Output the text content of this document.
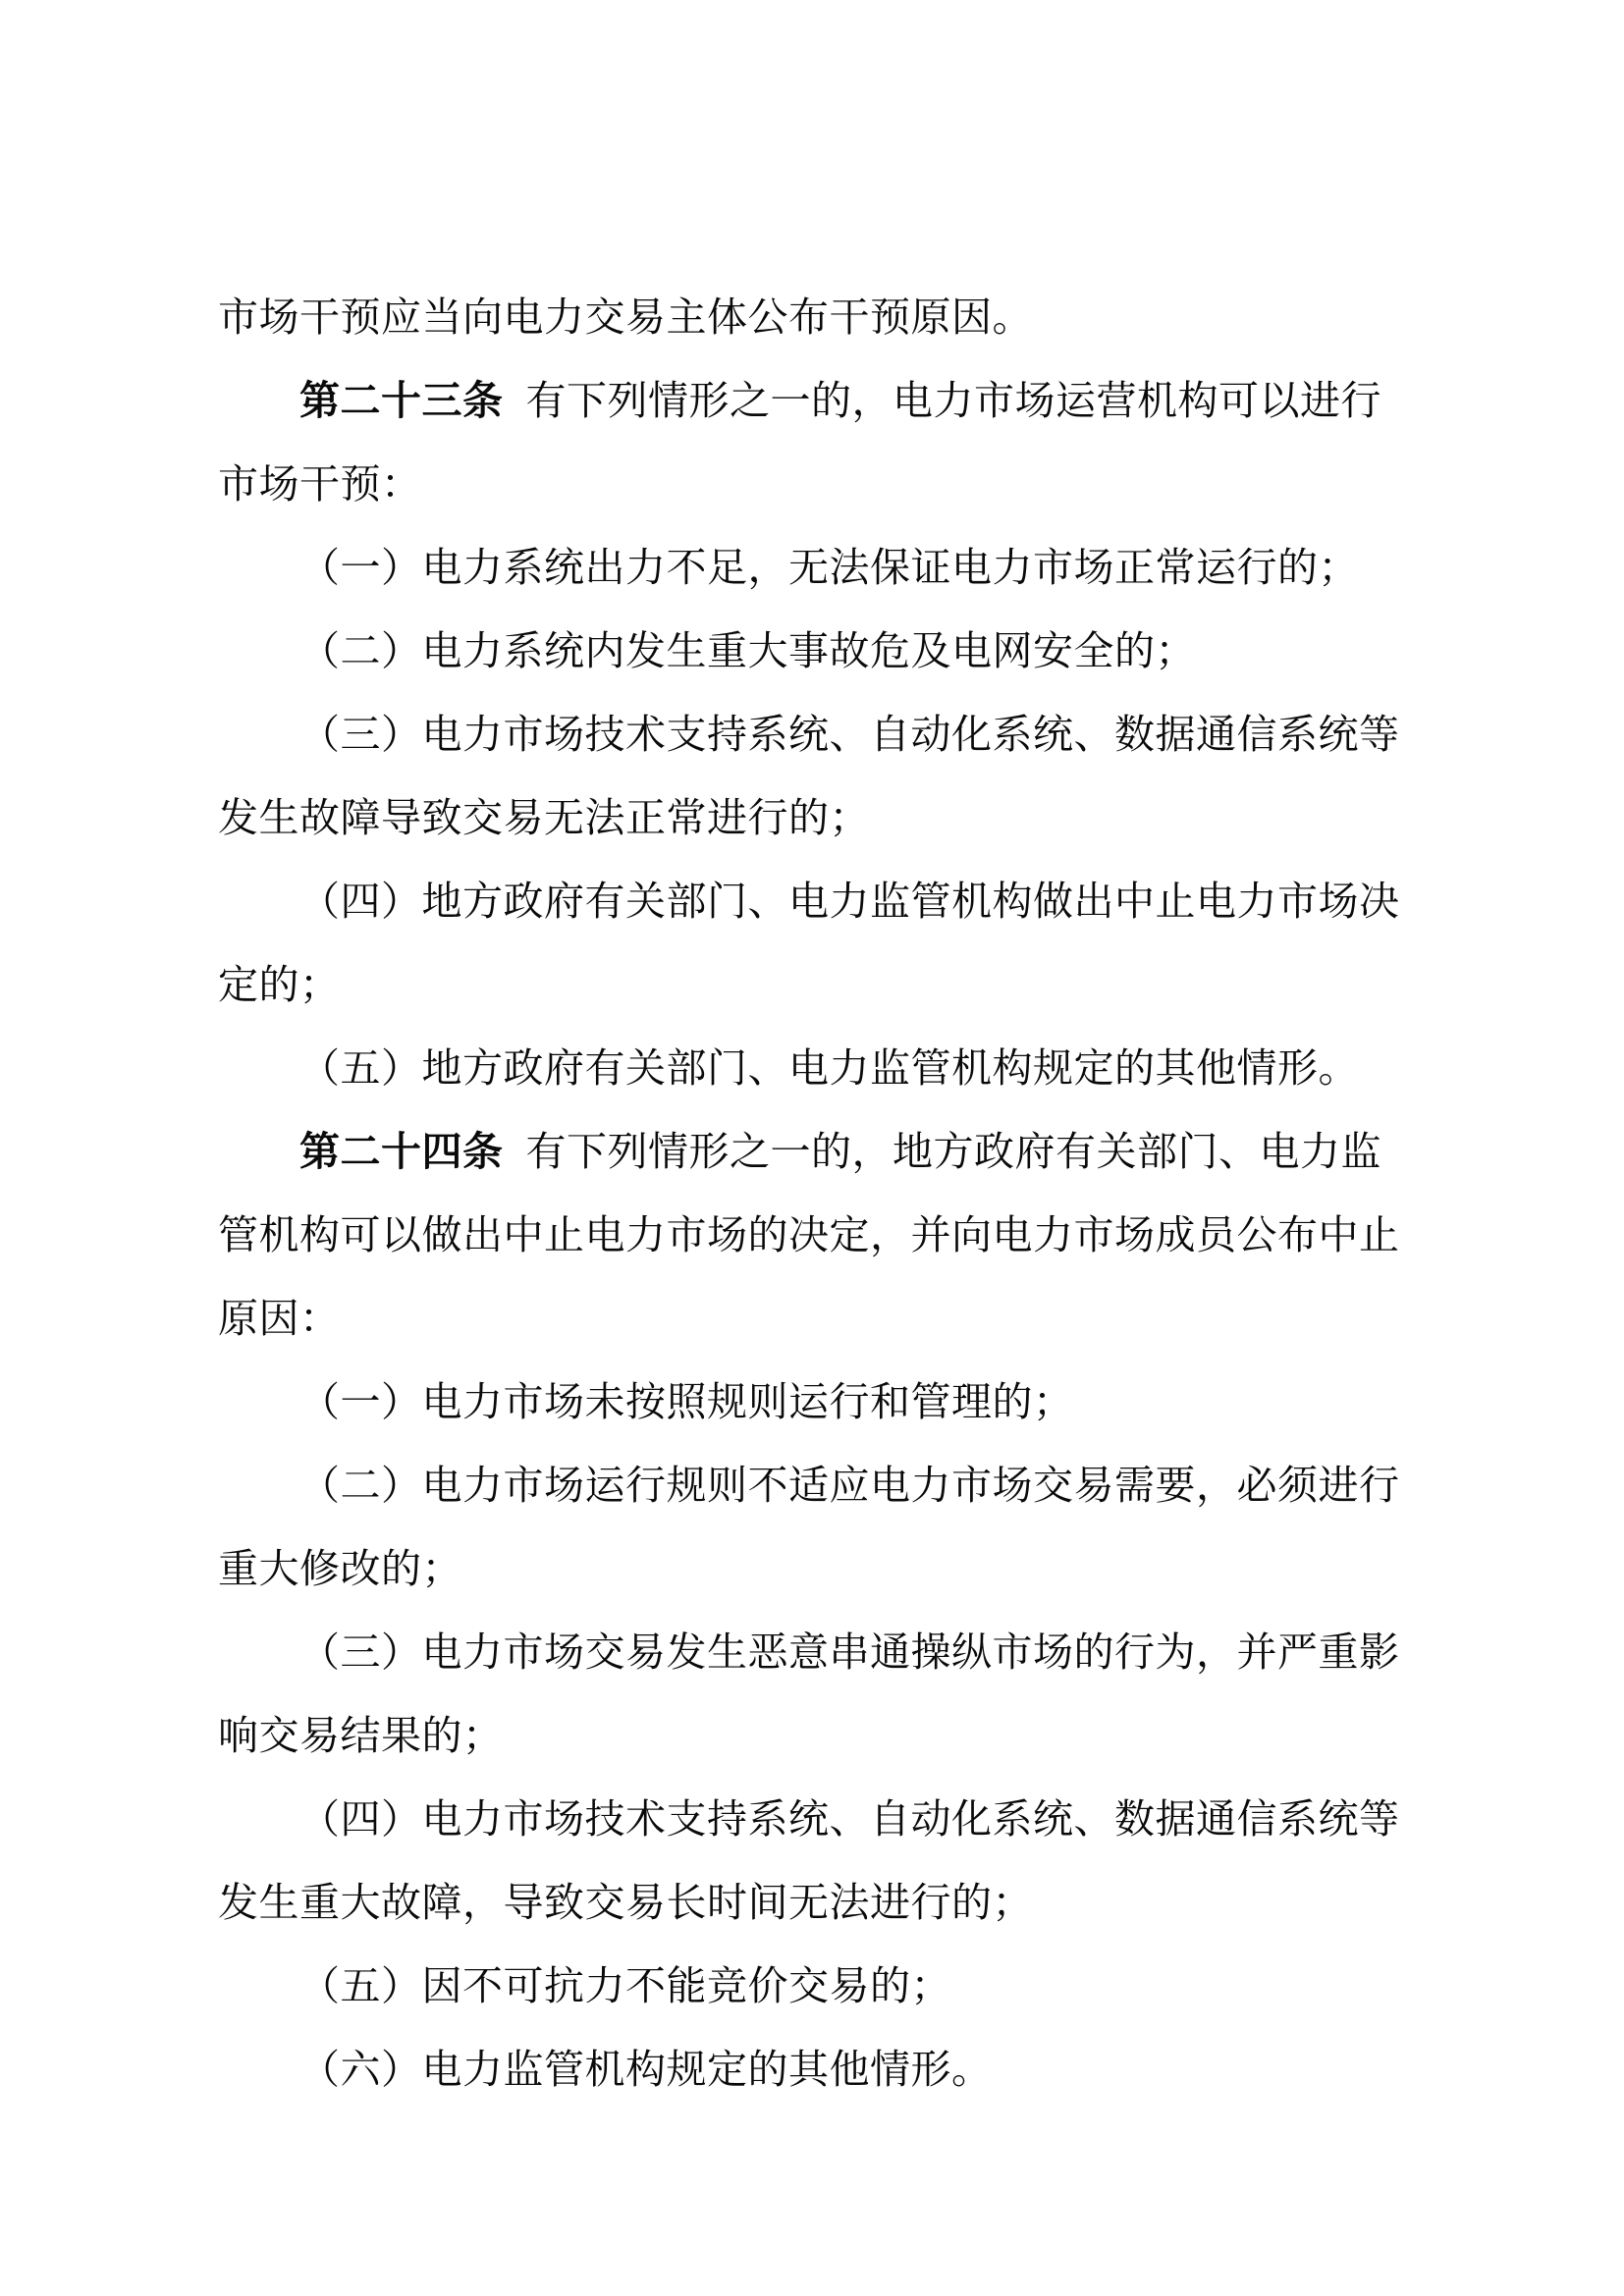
市场干预应当向电力交易主体公布干预原因。
第二十三条 有下列情形之一的，电力市场运营机构可以进行
市场干预：
（一）电力系统出力不足，无法保证电力市场正常运行的；
（二）电力系统内发生重大事故危及电网安全的；
（三）电力市场技术支持系统、自动化系统、数据通信系统等
发生故障导致交易无法正常进行的；
（四）地方政府有关部门、电力监管机构做出中止电力市场决
定的；
（五）地方政府有关部门、电力监管机构规定的其他情形。
第二十四条 有下列情形之一的，地方政府有关部门、电力监
管机构可以做出中止电力市场的决定，并向电力市场成员公布中止
原因：
（一）电力市场未按照规则运行和管理的；
（二）电力市场运行规则不适应电力市场交易需要，必须进行
重大修改的；
（三）电力市场交易发生恶意串通操纵市场的行为，并严重影
响交易结果的；
（四）电力市场技术支持系统、自动化系统、数据通信系统等
发生重大故障，导致交易长时间无法进行的；
（五）因不可抗力不能竞价交易的；
（六）电力监管机构规定的其他情形。
